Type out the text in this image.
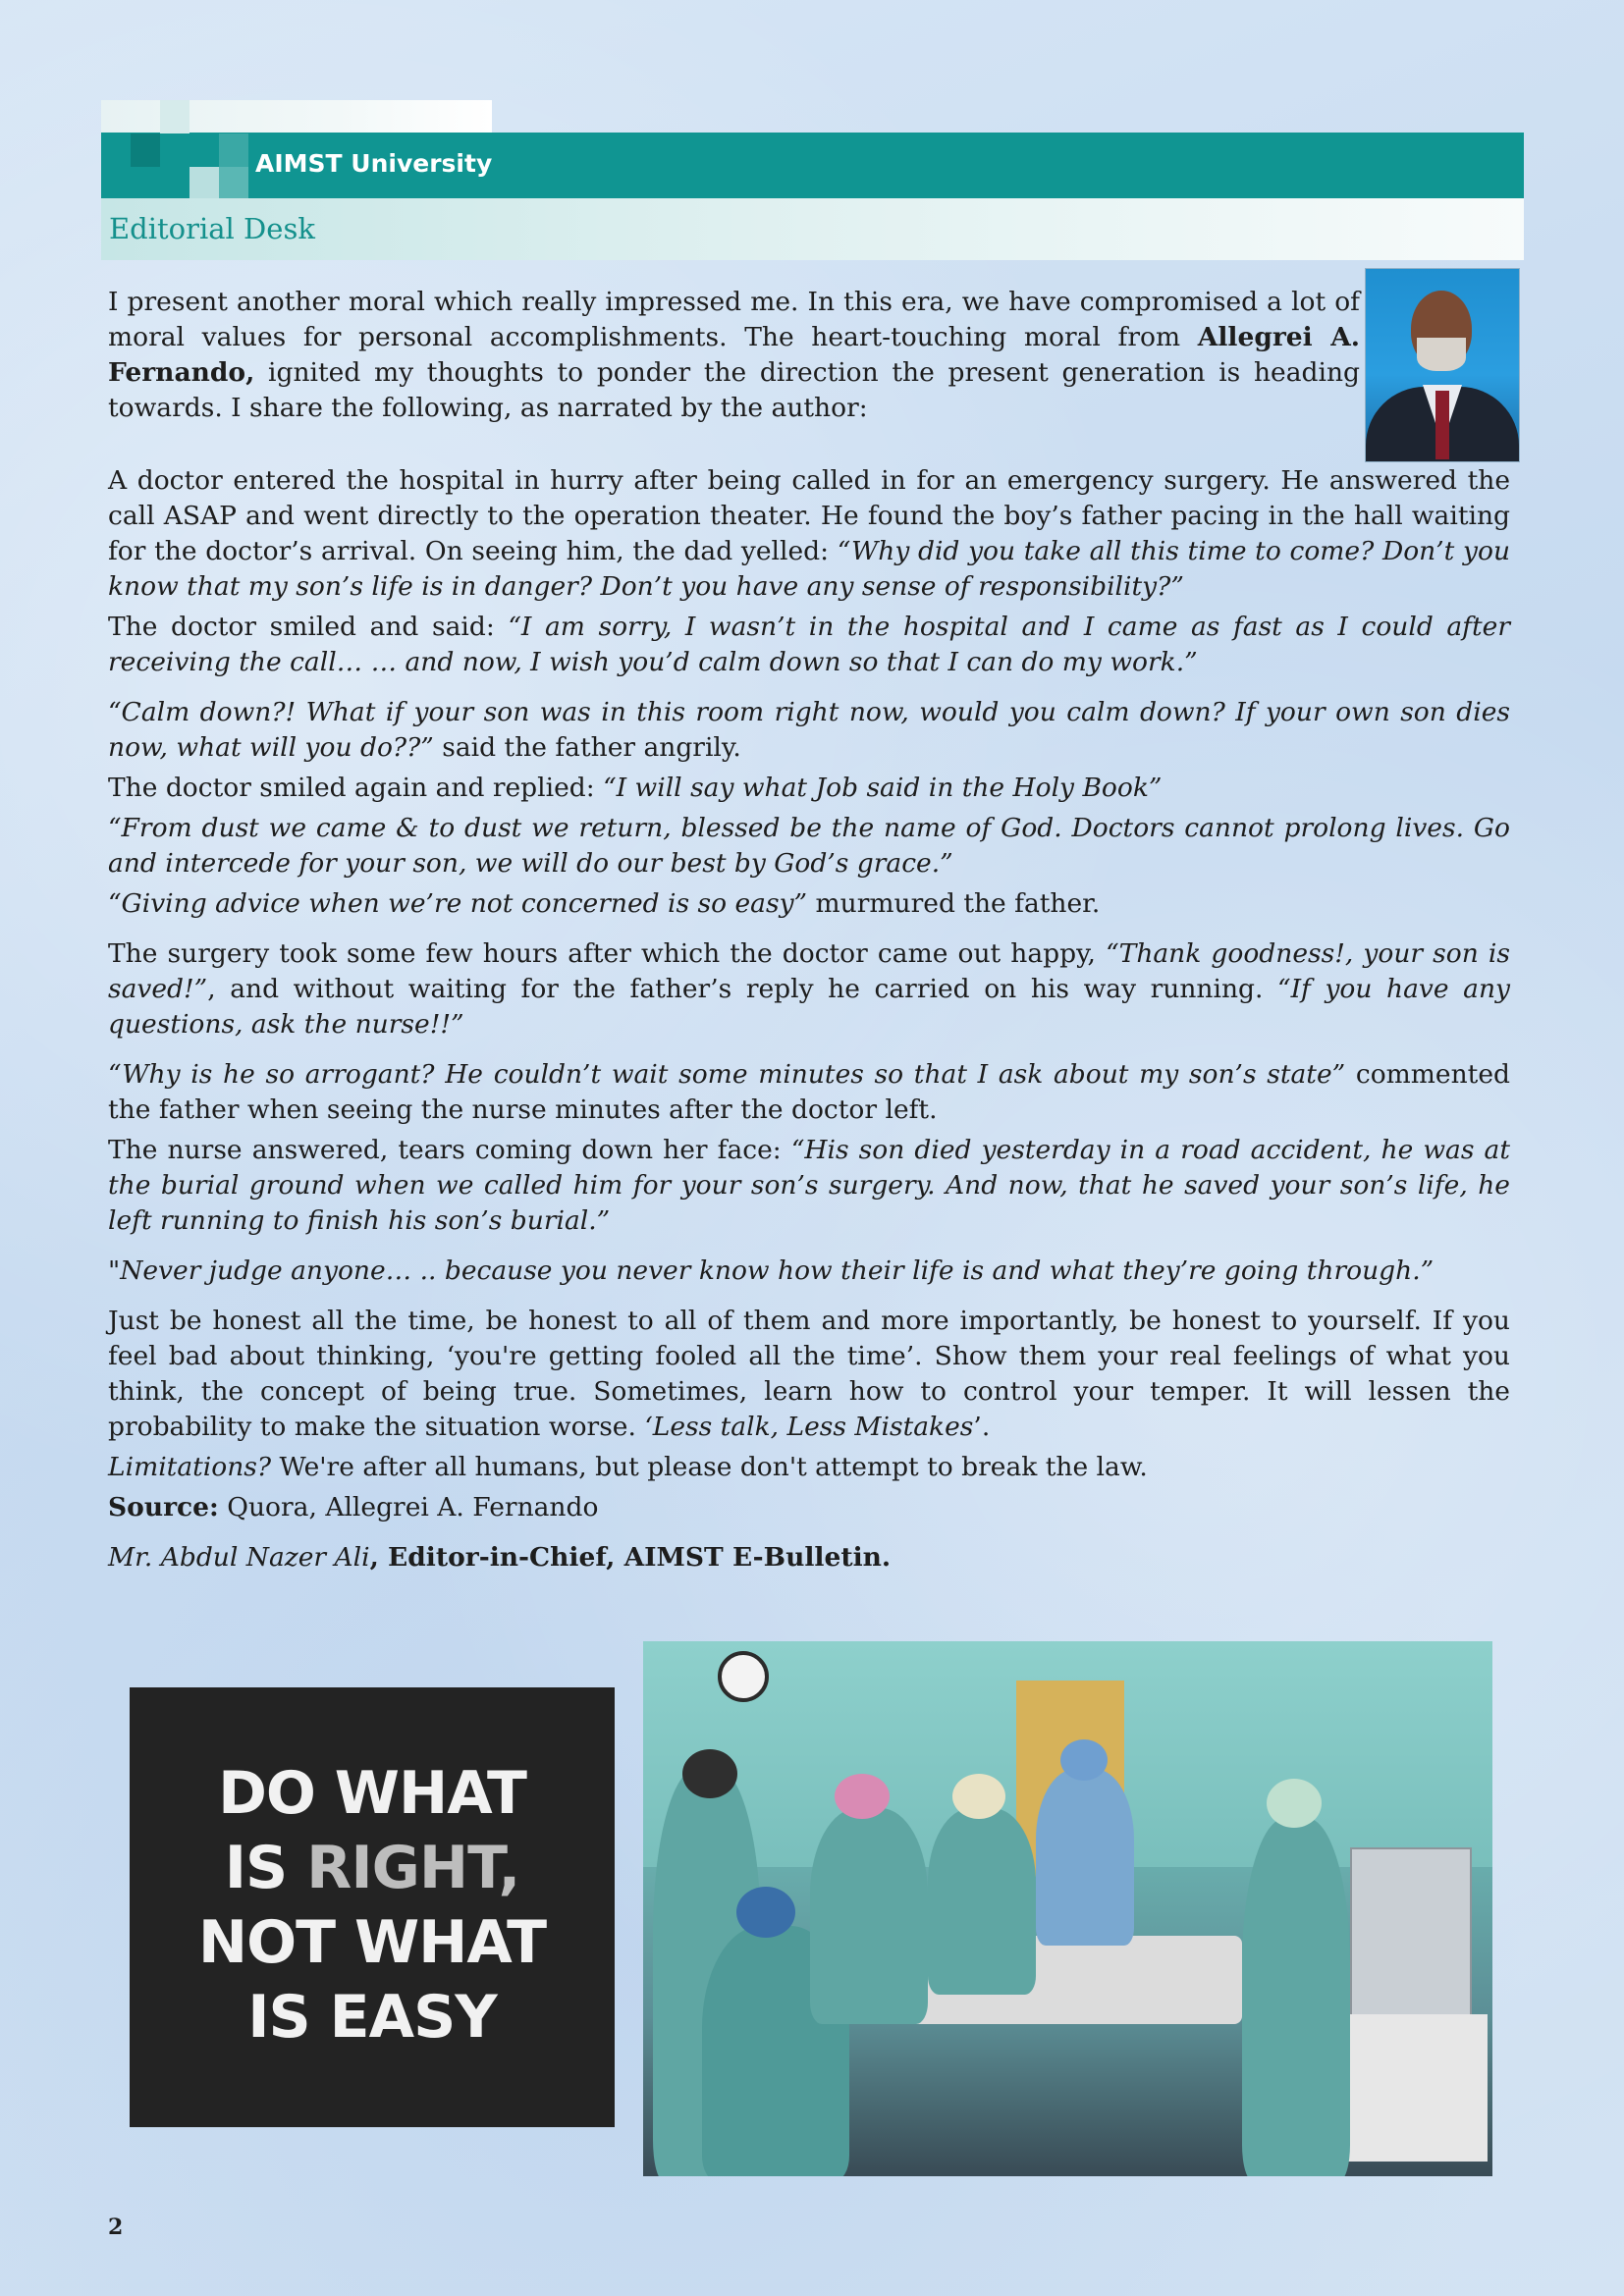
AIMST University
Editorial Desk

I present another moral which really impressed me. In this era, we have compromised a lot of moral values for personal accomplishments. The heart-touching moral from Allegrei A. Fernando, ignited my thoughts to ponder the direction the present generation is heading towards. I share the following, as narrated by the author:

A doctor entered the hospital in hurry after being called in for an emergency surgery. He answered the call ASAP and went directly to the operation theater. He found the boy’s father pacing in the hall waiting for the doctor’s arrival. On seeing him, the dad yelled: “Why did you take all this time to come? Don’t you know that my son’s life is in danger? Don’t you have any sense of responsibility?”

The doctor smiled and said: “I am sorry, I wasn’t in the hospital and I came as fast as I could after receiving the call… … and now, I wish you’d calm down so that I can do my work.”

“Calm down?! What if your son was in this room right now, would you calm down? If your own son dies now, what will you do??” said the father angrily.

The doctor smiled again and replied: “I will say what Job said in the Holy Book”

“From dust we came & to dust we return, blessed be the name of God. Doctors cannot prolong lives. Go and intercede for your son, we will do our best by God’s grace.”

“Giving advice when we’re not concerned is so easy” murmured the father.

The surgery took some few hours after which the doctor came out happy, “Thank goodness!, your son is saved!”, and without waiting for the father’s reply he carried on his way running. “If you have any questions, ask the nurse!!”

“Why is he so arrogant? He couldn’t wait some minutes so that I ask about my son’s state” commented the father when seeing the nurse minutes after the doctor left.

The nurse answered, tears coming down her face: “His son died yesterday in a road accident, he was at the burial ground when we called him for your son’s surgery. And now, that he saved your son’s life, he left running to finish his son’s burial.”

"Never judge anyone… .. because you never know how their life is and what they’re going through.”

Just be honest all the time, be honest to all of them and more importantly, be honest to yourself. If you feel bad about thinking, ‘you're getting fooled all the time’. Show them your real feelings of what you think, the concept of being true. Sometimes, learn how to control your temper. It will lessen the probability to make the situation worse. ‘Less talk, Less Mistakes’.

Limitations? We're after all humans, but please don't attempt to break the law.

Source: Quora, Allegrei A. Fernando

Mr. Abdul Nazer Ali, Editor-in-Chief, AIMST E-Bulletin.

DO WHAT
IS RIGHT,
NOT WHAT
IS EASY
2
